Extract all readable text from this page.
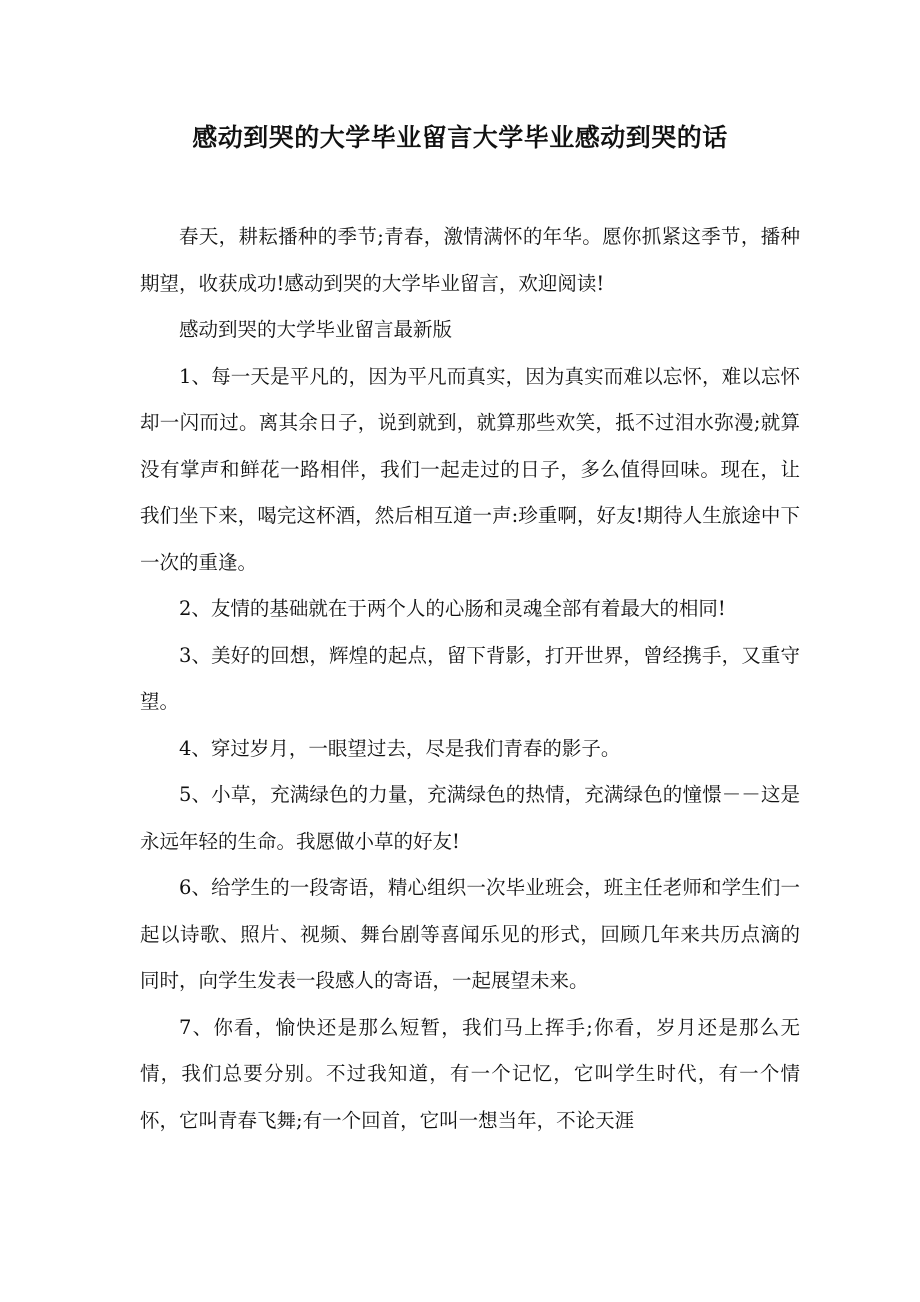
感动到哭的大学毕业留言大学毕业感动到哭的话

春天，耕耘播种的季节;青春，激情满怀的年华。愿你抓紧这季节，播种期望，收获成功!感动到哭的大学毕业留言，欢迎阅读!

感动到哭的大学毕业留言最新版

1、每一天是平凡的，因为平凡而真实，因为真实而难以忘怀，难以忘怀却一闪而过。离其余日子，说到就到，就算那些欢笑，抵不过泪水弥漫;就算没有掌声和鲜花一路相伴，我们一起走过的日子，多么值得回味。现在，让我们坐下来，喝完这杯酒，然后相互道一声:珍重啊，好友!期待人生旅途中下一次的重逢。

2、友情的基础就在于两个人的心肠和灵魂全部有着最大的相同!

3、美好的回想，辉煌的起点，留下背影，打开世界，曾经携手，又重守望。

4、穿过岁月，一眼望过去，尽是我们青春的影子。

5、小草，充满绿色的力量，充满绿色的热情，充满绿色的憧憬－－这是永远年轻的生命。我愿做小草的好友!

6、给学生的一段寄语，精心组织一次毕业班会，班主任老师和学生们一起以诗歌、照片、视频、舞台剧等喜闻乐见的形式，回顾几年来共历点滴的同时，向学生发表一段感人的寄语，一起展望未来。

7、你看，愉快还是那么短暂，我们马上挥手;你看，岁月还是那么无情，我们总要分别。不过我知道，有一个记忆，它叫学生时代，有一个情怀，它叫青春飞舞;有一个回首，它叫一想当年，不论天涯
